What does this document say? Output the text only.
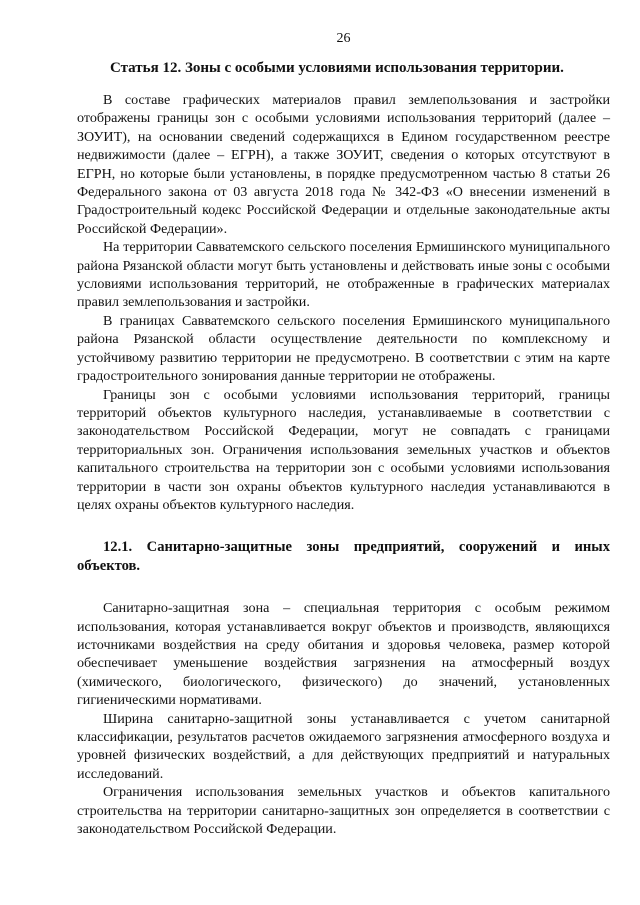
26
Статья 12. Зоны с особыми условиями использования территории.

В составе графических материалов правил землепользования и застройки отображены границы зон с особыми условиями использования территорий (далее – ЗОУИТ), на основании сведений содержащихся в Едином государственном реестре недвижимости (далее – ЕГРН), а также ЗОУИТ, сведения о которых отсутствуют в ЕГРН, но которые были установлены, в порядке предусмотренном частью 8 статьи 26 Федерального закона от 03 августа 2018 года № 342-ФЗ «О внесении изменений в Градостроительный кодекс Российской Федерации и отдельные законодательные акты Российской Федерации».

На территории Савватемского сельского поселения Ермишинского муниципального района Рязанской области могут быть установлены и действовать иные зоны с особыми условиями использования территорий, не отображенные в графических материалах правил землепользования и застройки.

В границах Савватемского сельского поселения Ермишинского муниципального района Рязанской области осуществление деятельности по комплексному и устойчивому развитию территории не предусмотрено. В соответствии с этим на карте градостроительного зонирования данные территории не отображены.

Границы зон с особыми условиями использования территорий, границы территорий объектов культурного наследия, устанавливаемые в соответствии с законодательством Российской Федерации, могут не совпадать с границами территориальных зон. Ограничения использования земельных участков и объектов капитального строительства на территории зон с особыми условиями использования территории в части зон охраны объектов культурного наследия устанавливаются в целях охраны объектов культурного наследия.

12.1. Санитарно-защитные зоны предприятий, сооружений и иных объектов.

Санитарно-защитная зона – специальная территория с особым режимом использования, которая устанавливается вокруг объектов и производств, являющихся источниками воздействия на среду обитания и здоровья человека, размер которой обеспечивает уменьшение воздействия загрязнения на атмосферный воздух (химического, биологического, физического) до значений, установленных гигиеническими нормативами.

Ширина санитарно-защитной зоны устанавливается с учетом санитарной классификации, результатов расчетов ожидаемого загрязнения атмосферного воздуха и уровней физических воздействий, а для действующих предприятий и натуральных исследований.

Ограничения использования земельных участков и объектов капитального строительства на территории санитарно-защитных зон определяется в соответствии с законодательством Российской Федерации.
